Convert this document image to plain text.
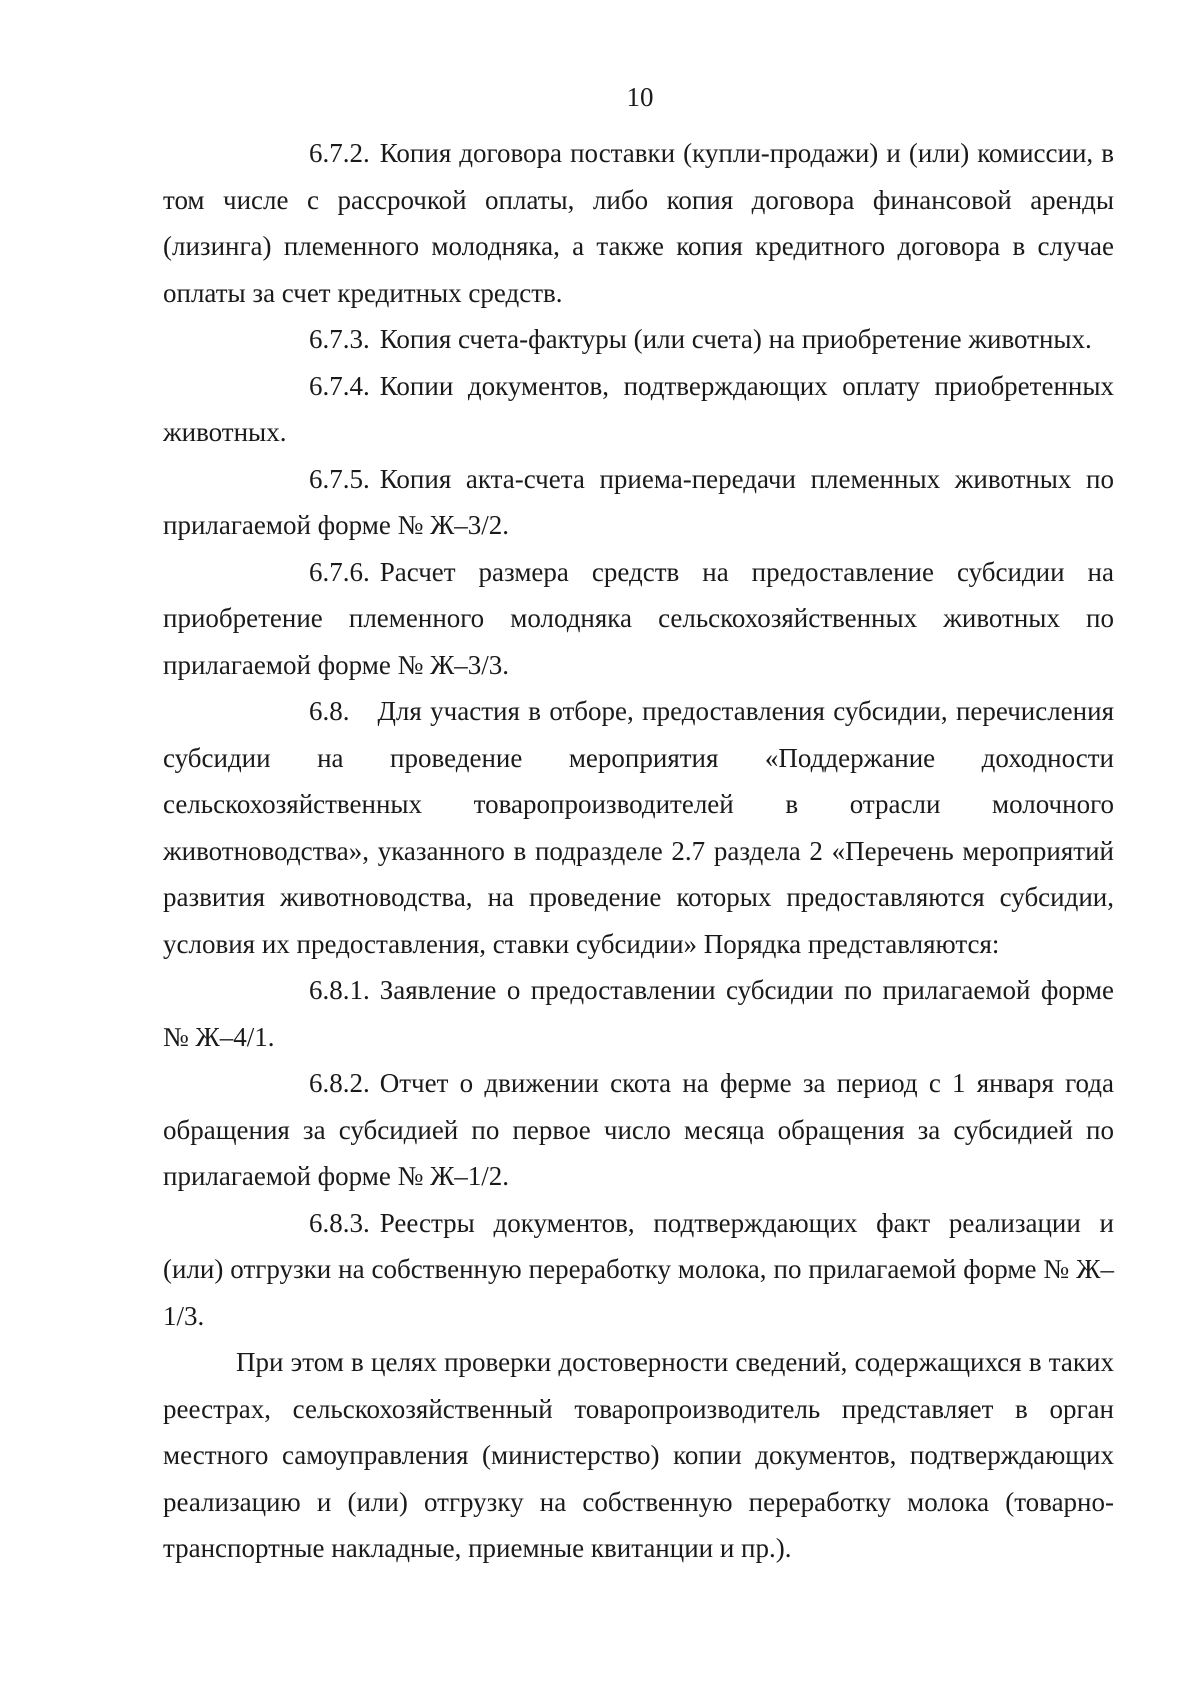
10

6.7.2. Копия договора поставки (купли-продажи) и (или) комиссии, в том числе с рассрочкой оплаты, либо копия договора финансовой аренды (лизинга) племенного молодняка, а также копия кредитного договора в случае оплаты за счет кредитных средств.

6.7.3. Копия счета-фактуры (или счета) на приобретение животных.

6.7.4. Копии документов, подтверждающих оплату приобретенных животных.

6.7.5. Копия акта-счета приема-передачи племенных животных по прилагаемой форме № Ж–3/2.

6.7.6. Расчет размера средств на предоставление субсидии на приобретение племенного молодняка сельскохозяйственных животных по прилагаемой форме № Ж–3/3.

6.8. Для участия в отборе, предоставления субсидии, перечисления субсидии на проведение мероприятия «Поддержание доходности сельскохозяйственных товаропроизводителей в отрасли молочного животноводства», указанного в подразделе 2.7 раздела 2 «Перечень мероприятий развития животноводства, на проведение которых предоставляются субсидии, условия их предоставления, ставки субсидии» Порядка представляются:

6.8.1. Заявление о предоставлении субсидии по прилагаемой форме № Ж–4/1.

6.8.2. Отчет о движении скота на ферме за период с 1 января года обращения за субсидией по первое число месяца обращения за субсидией по прилагаемой форме № Ж–1/2.

6.8.3. Реестры документов, подтверждающих факт реализации и (или) отгрузки на собственную переработку молока, по прилагаемой форме № Ж–1/3.

При этом в целях проверки достоверности сведений, содержащихся в таких реестрах, сельскохозяйственный товаропроизводитель представляет в орган местного самоуправления (министерство) копии документов, подтверждающих реализацию и (или) отгрузку на собственную переработку молока (товарно-транспортные накладные, приемные квитанции и пр.).
